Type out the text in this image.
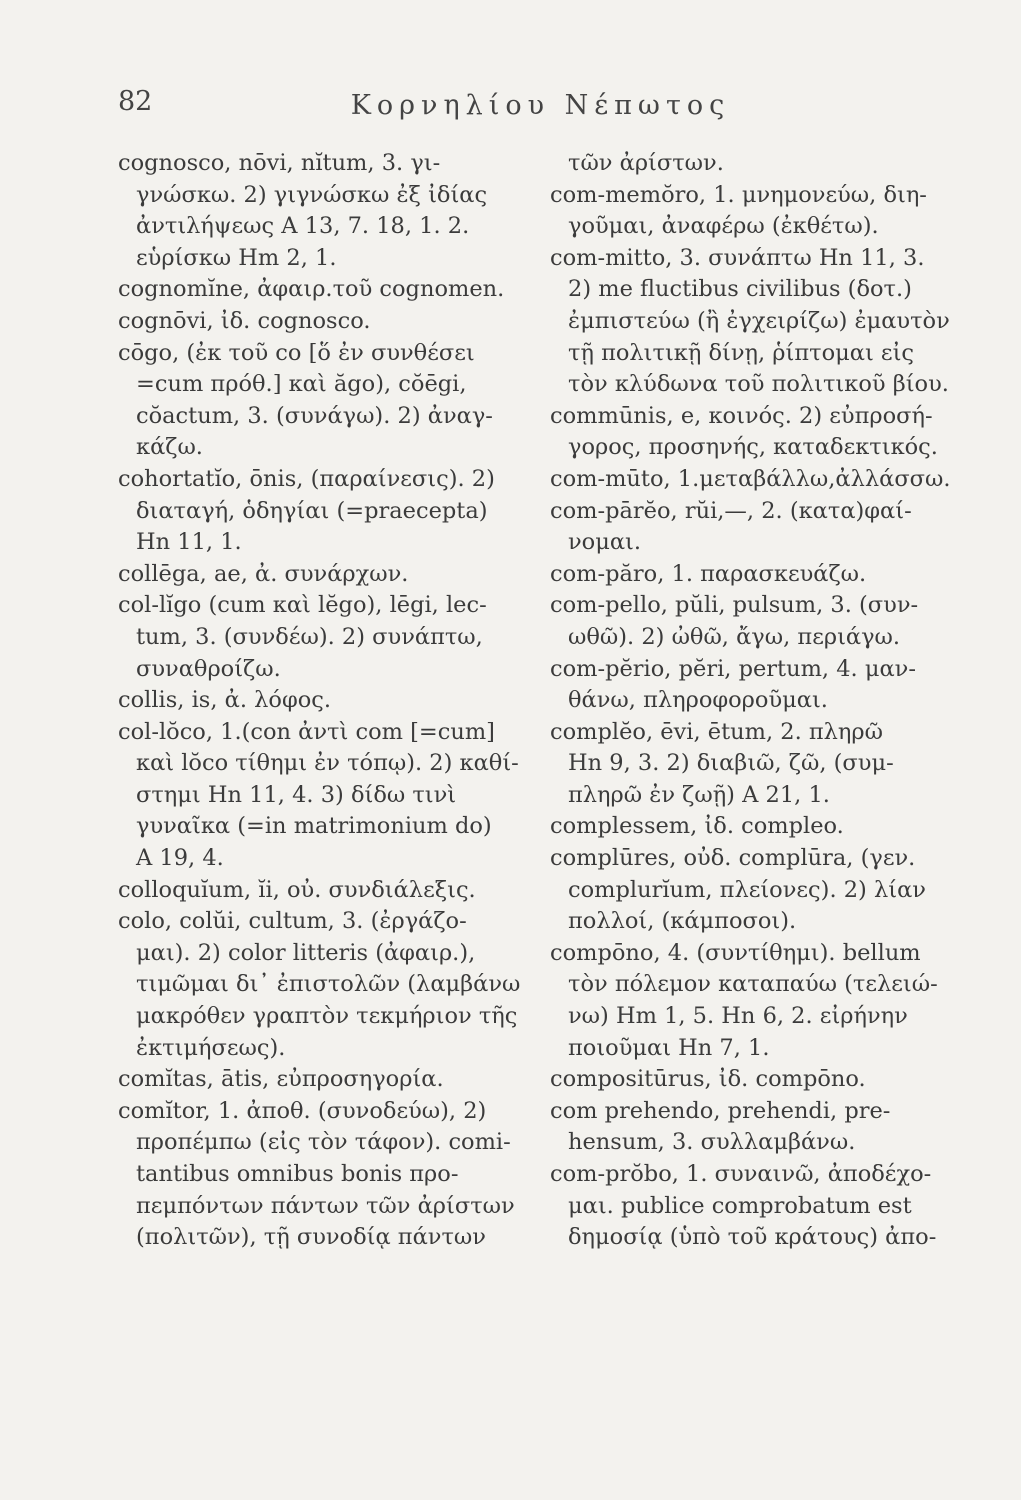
82	Κορνηλίου Νέπωτος
cognosco, nōvi, nĭtum, 3. γι-
γνώσκω. 2) γιγνώσκω ἐξ ἰδίας
ἀντιλήψεως Α 13, 7. 18, 1. 2.
εὑρίσκω Hm 2, 1.
cognomĭne, ἀφαιρ.τοῦ cognomen.
cognōvi, ἰδ. cognosco.
cōgo, (ἐκ τοῦ co [ὅ ἐν συνθέσει
=cum πρόθ.] καὶ ăgo), cŏēgi,
cŏactum, 3. (συνάγω). 2) ἀναγ-
κάζω.
cohortatĭo, ōnis, (παραίνεσις). 2)
διαταγή, ὁδηγίαι (=praecepta)
Hn 11, 1.
collēga, ae, ἀ. συνάρχων.
col-lĭgo (cum καὶ lĕgo), lēgi, lec-
tum, 3. (συνδέω). 2) συνάπτω,
συναθροίζω.
collis, is, ἀ. λόφος.
col-lŏco, 1.(con ἀντὶ com [=cum]
καὶ lŏco τίθημι ἐν τόπῳ). 2) καθί-
στημι Hn 11, 4. 3) δίδω τινὶ
γυναῖκα (=in matrimonium do)
Α 19, 4.
colloquĭum, ĭi, οὐ. συνδιάλεξις.
colo, colŭi, cultum, 3. (ἐργάζο-
μαι). 2) color litteris (ἀφαιρ.),
τιμῶμαι δι᾽ ἐπιστολῶν (λαμβάνω
μακρόθεν γραπτὸν τεκμήριον τῆς
ἐκτιμήσεως).
comĭtas, ātis, εὐπροσηγορία.
comĭtor, 1. ἀποθ. (συνοδεύω), 2)
προπέμπω (εἰς τὸν τάφον). comi-
tantibus omnibus bonis προ-
πεμπόντων πάντων τῶν ἀρίστων
(πολιτῶν), τῇ συνοδίᾳ πάντων
τῶν ἀρίστων.
com-memŏro, 1. μνημονεύω, διη-
γοῦμαι, ἀναφέρω (ἐκθέτω).
com-mitto, 3. συνάπτω Hn 11, 3.
2) me fluctibus civilibus (δοτ.)
ἐμπιστεύω (ἢ ἐγχειρίζω) ἐμαυτὸν
τῇ πολιτικῇ δίνῃ, ῥίπτομαι εἰς
τὸν κλύδωνα τοῦ πολιτικοῦ βίου.
commūnis, e, κοινός. 2) εὐπροσή-
γορος, προσηνής, καταδεκτικός.
com-mūto, 1.μεταβάλλω,ἀλλάσσω.
com-pārĕo, rŭi,—, 2. (κατα)φαί-
νομαι.
com-păro, 1. παρασκευάζω.
com-pello, pŭli, pulsum, 3. (συν-
ωθῶ). 2) ὠθῶ, ἄγω, περιάγω.
com-pĕrio, pĕri, pertum, 4. μαν-
θάνω, πληροφοροῦμαι.
complĕo, ēvi, ētum, 2. πληρῶ
Hn 9, 3. 2) διαβιῶ, ζῶ, (συμ-
πληρῶ ἐν ζωῇ) Α 21, 1.
complessem, ἰδ. compleo.
complūres, οὐδ. complūra, (γεν.
complurĭum, πλείονες). 2) λίαν
πολλοί, (κάμποσοι).
compōno, 4. (συντίθημι). bellum
τὸν πόλεμον καταπαύω (τελειώ-
νω) Hm 1, 5. Hn 6, 2. εἰρήνην
ποιοῦμαι Hn 7, 1.
compositūrus, ἰδ. compōno.
com prehendo, prehendi, pre-
hensum, 3. συλλαμβάνω.
com-prŏbo, 1. συναινῶ, ἀποδέχο-
μαι. publice comprobatum est
δημοσίᾳ (ὑπὸ τοῦ κράτους) ἀπο-
